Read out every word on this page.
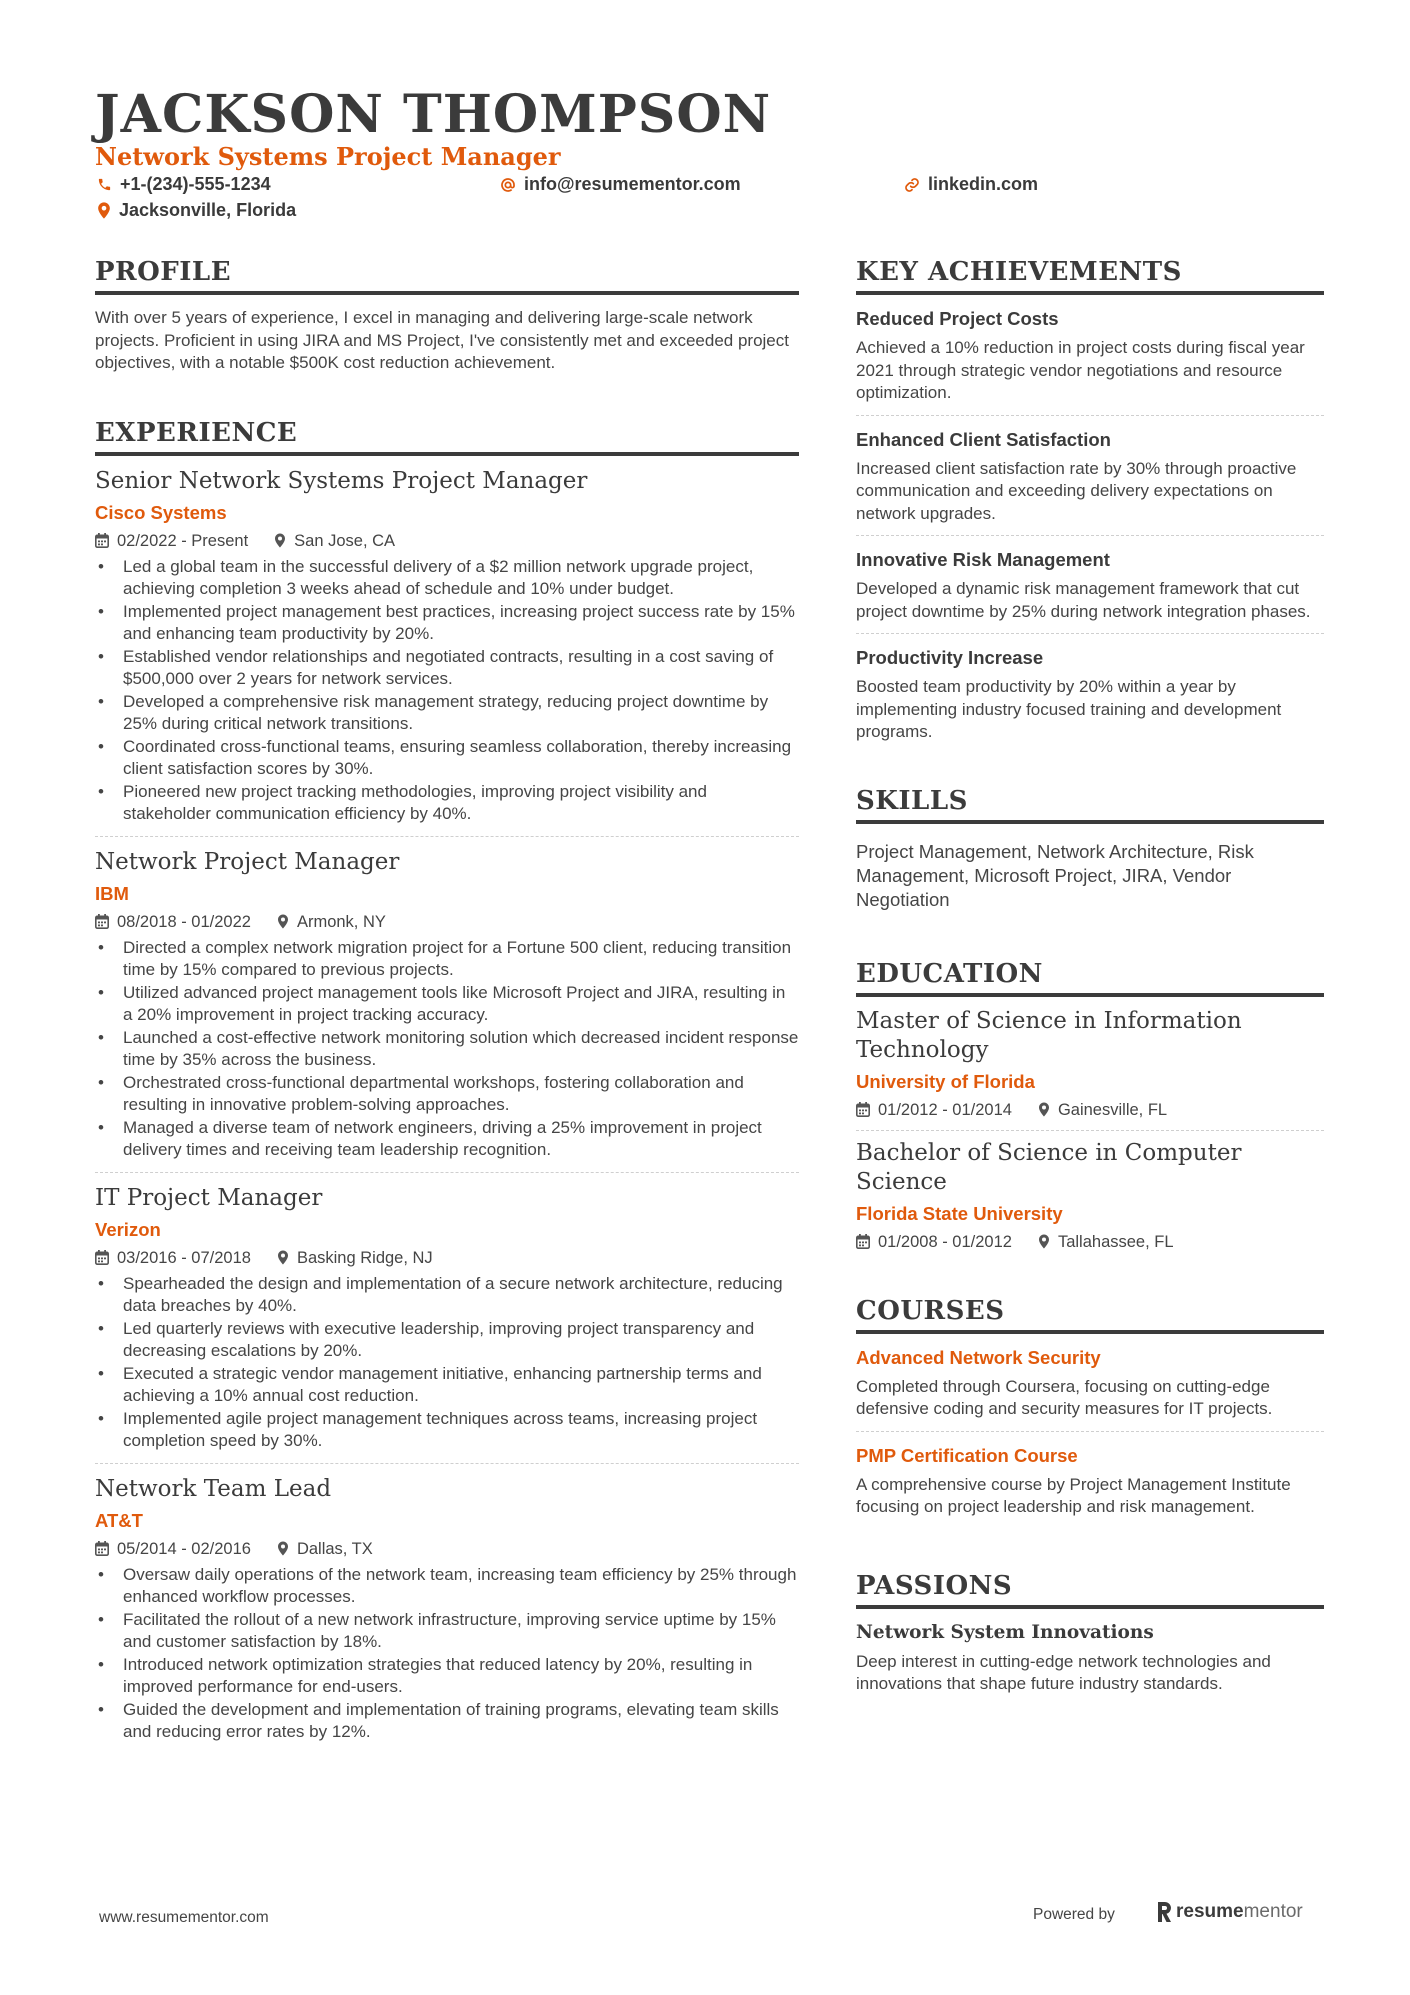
JACKSON THOMPSON
Network Systems Project Manager
+1-(234)-555-1234	info@resumementor.com	linkedin.com
Jacksonville, Florida
PROFILE
With over 5 years of experience, I excel in managing and delivering large-scale network projects. Proficient in using JIRA and MS Project, I've consistently met and exceeded project objectives, with a notable $500K cost reduction achievement.
EXPERIENCE
Senior Network Systems Project Manager
Cisco Systems
02/2022 - Present	San Jose, CA
• Led a global team in the successful delivery of a $2 million network upgrade project, achieving completion 3 weeks ahead of schedule and 10% under budget.
• Implemented project management best practices, increasing project success rate by 15% and enhancing team productivity by 20%.
• Established vendor relationships and negotiated contracts, resulting in a cost saving of $500,000 over 2 years for network services.
• Developed a comprehensive risk management strategy, reducing project downtime by 25% during critical network transitions.
• Coordinated cross-functional teams, ensuring seamless collaboration, thereby increasing client satisfaction scores by 30%.
• Pioneered new project tracking methodologies, improving project visibility and stakeholder communication efficiency by 40%.
Network Project Manager
IBM
08/2018 - 01/2022	Armonk, NY
• Directed a complex network migration project for a Fortune 500 client, reducing transition time by 15% compared to previous projects.
• Utilized advanced project management tools like Microsoft Project and JIRA, resulting in a 20% improvement in project tracking accuracy.
• Launched a cost-effective network monitoring solution which decreased incident response time by 35% across the business.
• Orchestrated cross-functional departmental workshops, fostering collaboration and resulting in innovative problem-solving approaches.
• Managed a diverse team of network engineers, driving a 25% improvement in project delivery times and receiving team leadership recognition.
IT Project Manager
Verizon
03/2016 - 07/2018	Basking Ridge, NJ
• Spearheaded the design and implementation of a secure network architecture, reducing data breaches by 40%.
• Led quarterly reviews with executive leadership, improving project transparency and decreasing escalations by 20%.
• Executed a strategic vendor management initiative, enhancing partnership terms and achieving a 10% annual cost reduction.
• Implemented agile project management techniques across teams, increasing project completion speed by 30%.
Network Team Lead
AT&T
05/2014 - 02/2016	Dallas, TX
• Oversaw daily operations of the network team, increasing team efficiency by 25% through enhanced workflow processes.
• Facilitated the rollout of a new network infrastructure, improving service uptime by 15% and customer satisfaction by 18%.
• Introduced network optimization strategies that reduced latency by 20%, resulting in improved performance for end-users.
• Guided the development and implementation of training programs, elevating team skills and reducing error rates by 12%.
KEY ACHIEVEMENTS
Reduced Project Costs
Achieved a 10% reduction in project costs during fiscal year 2021 through strategic vendor negotiations and resource optimization.
Enhanced Client Satisfaction
Increased client satisfaction rate by 30% through proactive communication and exceeding delivery expectations on network upgrades.
Innovative Risk Management
Developed a dynamic risk management framework that cut project downtime by 25% during network integration phases.
Productivity Increase
Boosted team productivity by 20% within a year by implementing industry focused training and development programs.
SKILLS
Project Management, Network Architecture, Risk Management, Microsoft Project, JIRA, Vendor Negotiation
EDUCATION
Master of Science in Information Technology
University of Florida
01/2012 - 01/2014	Gainesville, FL
Bachelor of Science in Computer Science
Florida State University
01/2008 - 01/2012	Tallahassee, FL
COURSES
Advanced Network Security
Completed through Coursera, focusing on cutting-edge defensive coding and security measures for IT projects.
PMP Certification Course
A comprehensive course by Project Management Institute focusing on project leadership and risk management.
PASSIONS
Network System Innovations
Deep interest in cutting-edge network technologies and innovations that shape future industry standards.
www.resumementor.com	Powered by	resumementor
